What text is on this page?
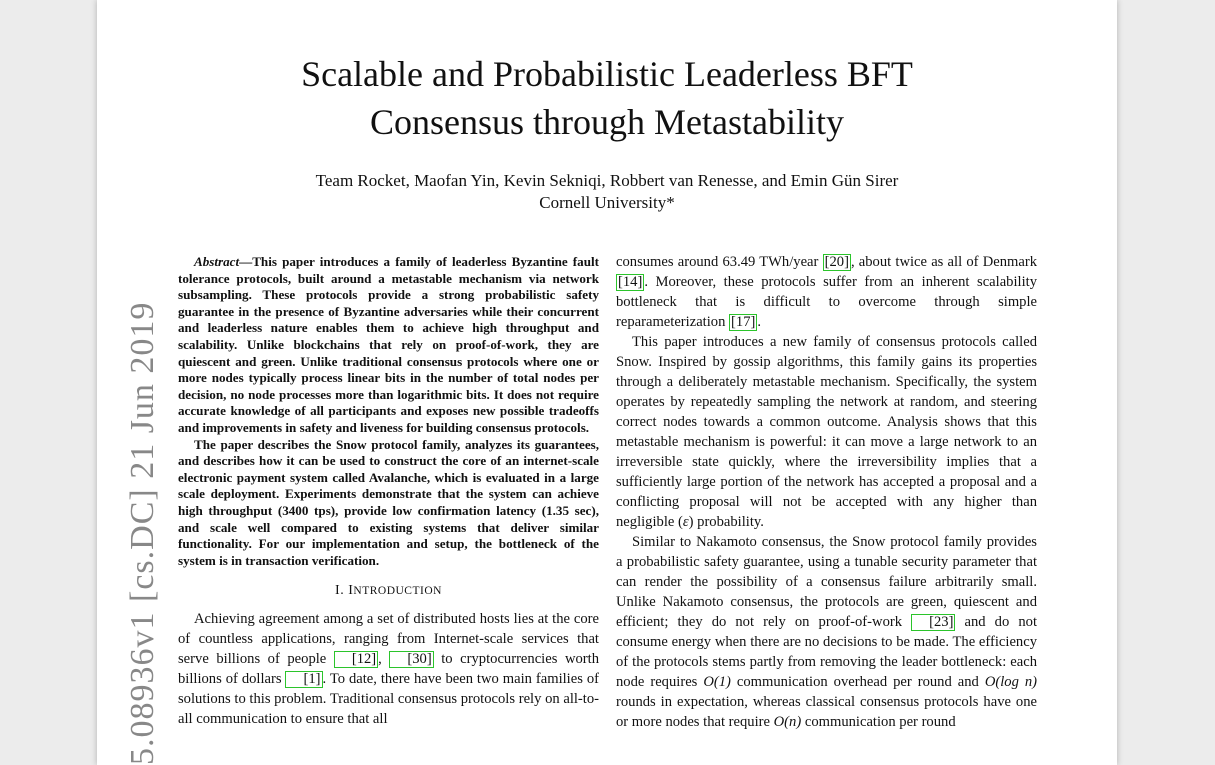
5.08936v1 [cs.DC] 21 Jun 2019
Scalable and Probabilistic Leaderless BFT
Consensus through Metastability
Team Rocket, Maofan Yin, Kevin Sekniqi, Robbert van Renesse, and Emin Gün Sirer
Cornell University*

Abstract—This paper introduces a family of leaderless Byzantine fault tolerance protocols, built around a metastable mechanism via network subsampling. These protocols provide a strong probabilistic safety guarantee in the presence of Byzantine adversaries while their concurrent and leaderless nature enables them to achieve high throughput and scalability. Unlike blockchains that rely on proof-of-work, they are quiescent and green. Unlike traditional consensus protocols where one or more nodes typically process linear bits in the number of total nodes per decision, no node processes more than logarithmic bits. It does not require accurate knowledge of all participants and exposes new possible tradeoffs and improvements in safety and liveness for building consensus protocols.

The paper describes the Snow protocol family, analyzes its guarantees, and describes how it can be used to construct the core of an internet-scale electronic payment system called Avalanche, which is evaluated in a large scale deployment. Experiments demonstrate that the system can achieve high throughput (3400 tps), provide low confirmation latency (1.35 sec), and scale well compared to existing systems that deliver similar functionality. For our implementation and setup, the bottleneck of the system is in transaction verification.

I. INTRODUCTION

Achieving agreement among a set of distributed hosts lies at the core of countless applications, ranging from Internet-scale services that serve billions of people [12] , [30] to cryptocurrencies worth billions of dollars [1] . To date, there have been two main families of solutions to this problem. Traditional consensus protocols rely on all-to-all communication to ensure that all

consumes around 63.49 TWh/year [20] , about twice as all of Denmark [14] . Moreover, these protocols suffer from an inherent scalability bottleneck that is difficult to overcome through simple reparameterization [17] .

This paper introduces a new family of consensus protocols called Snow. Inspired by gossip algorithms, this family gains its properties through a deliberately metastable mechanism. Specifically, the system operates by repeatedly sampling the network at random, and steering correct nodes towards a common outcome. Analysis shows that this metastable mechanism is powerful: it can move a large network to an irreversible state quickly, where the irreversibility implies that a sufficiently large portion of the network has accepted a proposal and a conflicting proposal will not be accepted with any higher than negligible (ε) probability.

Similar to Nakamoto consensus, the Snow protocol family provides a probabilistic safety guarantee, using a tunable security parameter that can render the possibility of a consensus failure arbitrarily small. Unlike Nakamoto consensus, the protocols are green, quiescent and efficient; they do not rely on proof-of-work [23] and do not consume energy when there are no decisions to be made. The efficiency of the protocols stems partly from removing the leader bottleneck: each node requires O(1) communication overhead per round and O(log n) rounds in expectation, whereas classical consensus protocols have one or more nodes that require O(n) communication per round
